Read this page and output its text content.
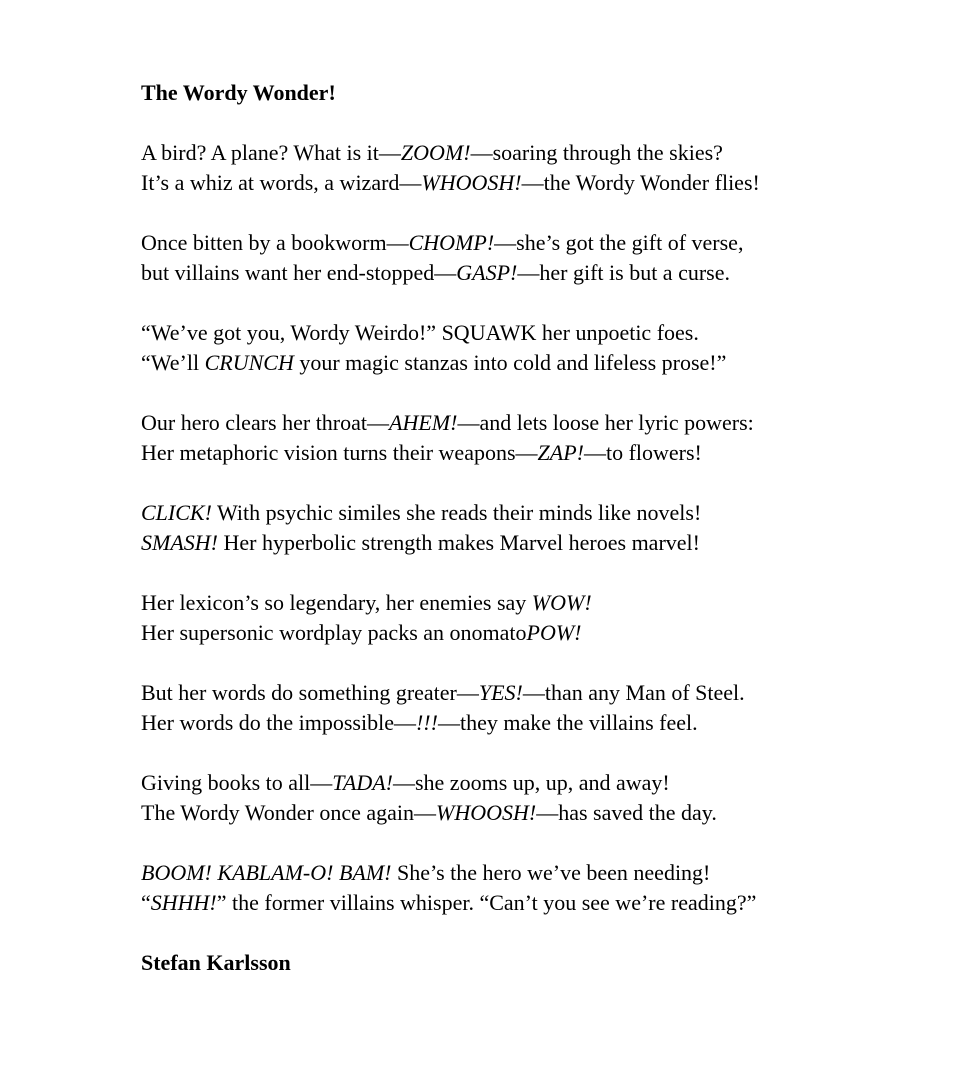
The Wordy Wonder!
A bird? A plane? What is it—ZOOM!—soaring through the skies?
It’s a whiz at words, a wizard—WHOOSH!—the Wordy Wonder flies!
Once bitten by a bookworm—CHOMP!—she’s got the gift of verse,
but villains want her end-stopped—GASP!—her gift is but a curse.
“We’ve got you, Wordy Weirdo!” SQUAWK her unpoetic foes.
“We’ll CRUNCH your magic stanzas into cold and lifeless prose!”
Our hero clears her throat—AHEM!—and lets loose her lyric powers:
Her metaphoric vision turns their weapons—ZAP!—to flowers!
CLICK! With psychic similes she reads their minds like novels!
SMASH! Her hyperbolic strength makes Marvel heroes marvel!
Her lexicon’s so legendary, her enemies say WOW!
Her supersonic wordplay packs an onomatoPOW!
But her words do something greater—YES!—than any Man of Steel.
Her words do the impossible—!!!—they make the villains feel.
Giving books to all—TADA!—she zooms up, up, and away!
The Wordy Wonder once again—WHOOSH!—has saved the day.
BOOM! KABLAM-O! BAM! She’s the hero we’ve been needing!
“SHHH!” the former villains whisper. “Can’t you see we’re reading?”
Stefan Karlsson
